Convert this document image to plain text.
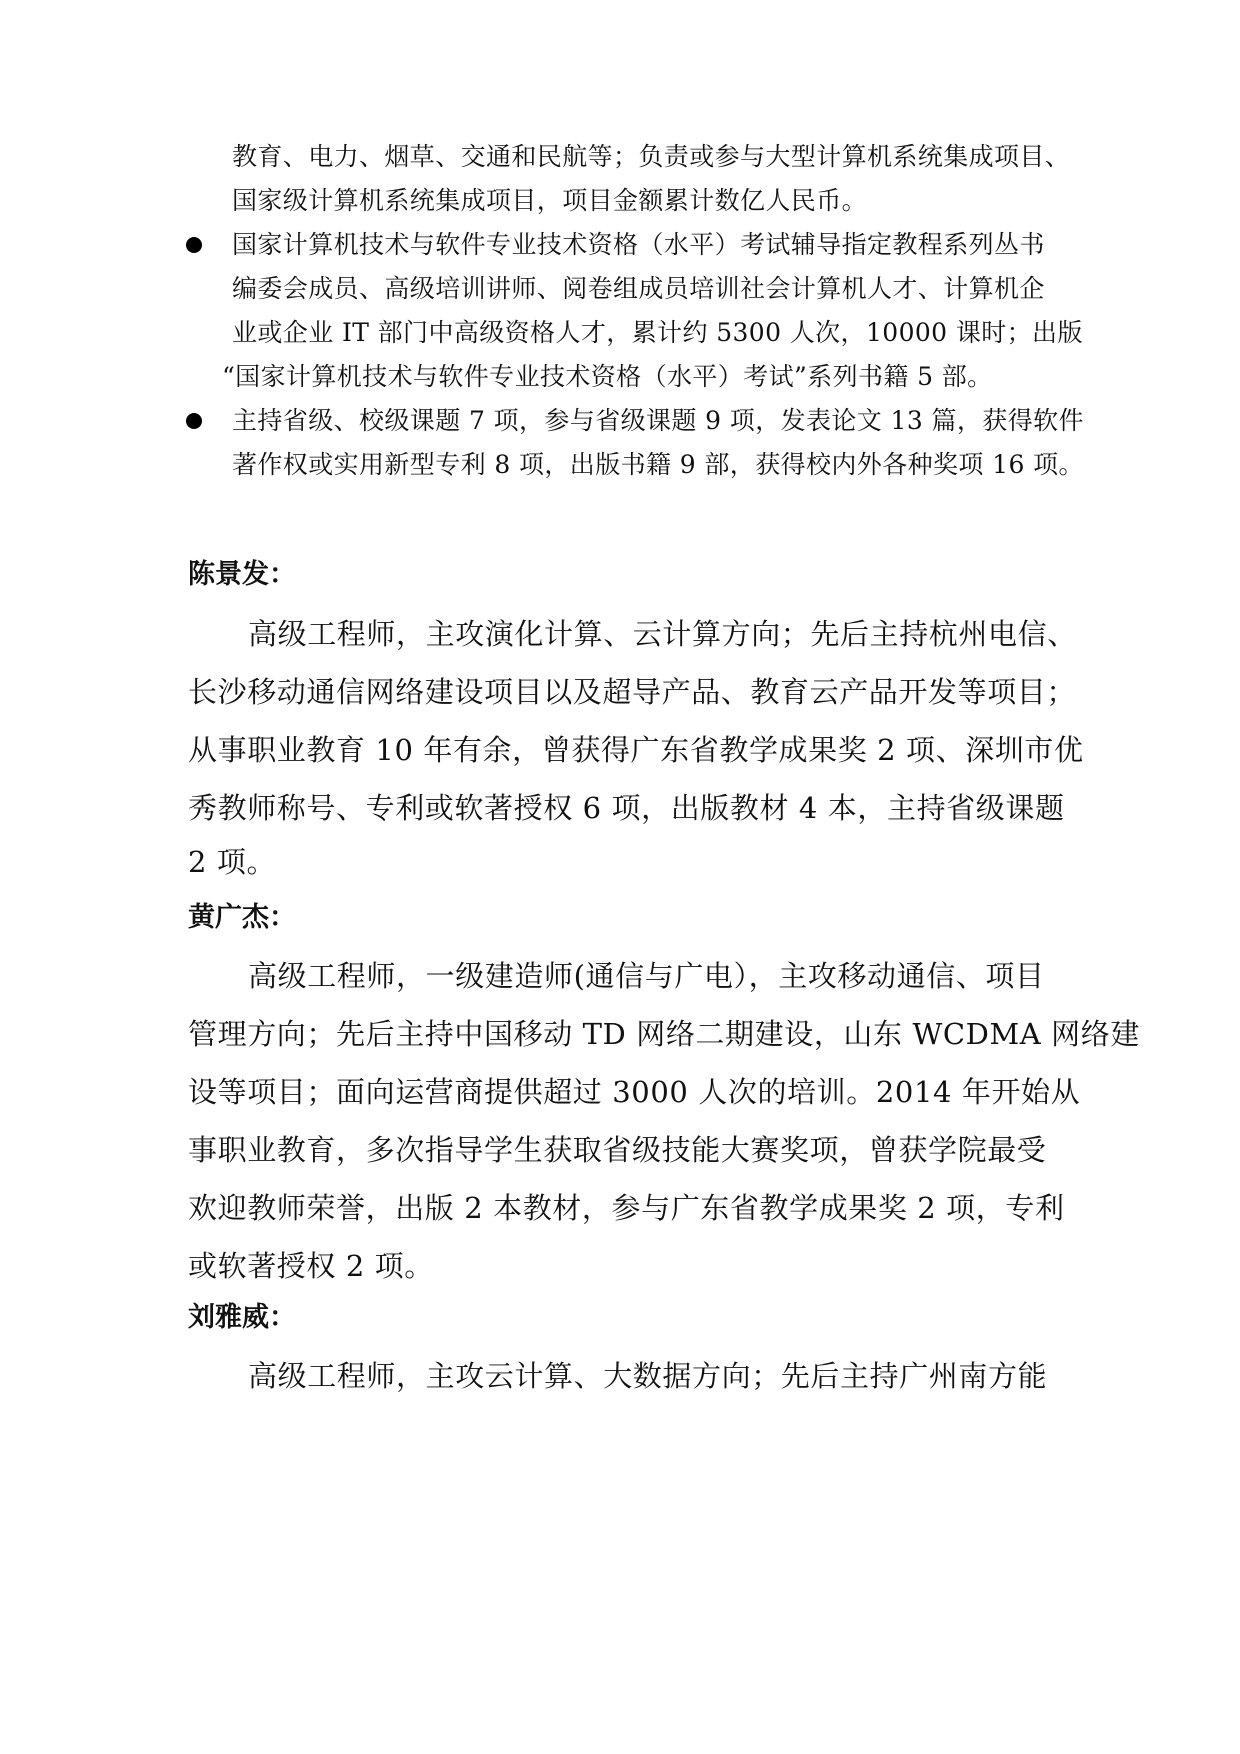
教育、电力、烟草、交通和民航等；负责或参与大型计算机系统集成项目、
国家级计算机系统集成项目，项目金额累计数亿人民币。
国家计算机技术与软件专业技术资格（水平）考试辅导指定教程系列丛书
编委会成员、高级培训讲师、阅卷组成员培训社会计算机人才、计算机企
业或企业 IT 部门中高级资格人才，累计约 5300 人次，10000 课时；出版
“国家计算机技术与软件专业技术资格（水平）考试”系列书籍 5 部。
主持省级、校级课题 7 项，参与省级课题 9 项，发表论文 13 篇，获得软件
著作权或实用新型专利 8 项，出版书籍 9 部，获得校内外各种奖项 16 项。
陈景发：
高级工程师，主攻演化计算、云计算方向；先后主持杭州电信、
长沙移动通信网络建设项目以及超导产品、教育云产品开发等项目；
从事职业教育 10 年有余，曾获得广东省教学成果奖 2 项、深圳市优
秀教师称号、专利或软著授权 6 项，出版教材 4 本，主持省级课题
2 项。
黄广杰：
高级工程师，一级建造师(通信与广电），主攻移动通信、项目
管理方向；先后主持中国移动 TD 网络二期建设，山东 WCDMA 网络建
设等项目；面向运营商提供超过 3000 人次的培训。2014 年开始从
事职业教育，多次指导学生获取省级技能大赛奖项，曾获学院最受
欢迎教师荣誉，出版 2 本教材，参与广东省教学成果奖 2 项，专利
或软著授权 2 项。
刘雅威：
高级工程师，主攻云计算、大数据方向；先后主持广州南方能
